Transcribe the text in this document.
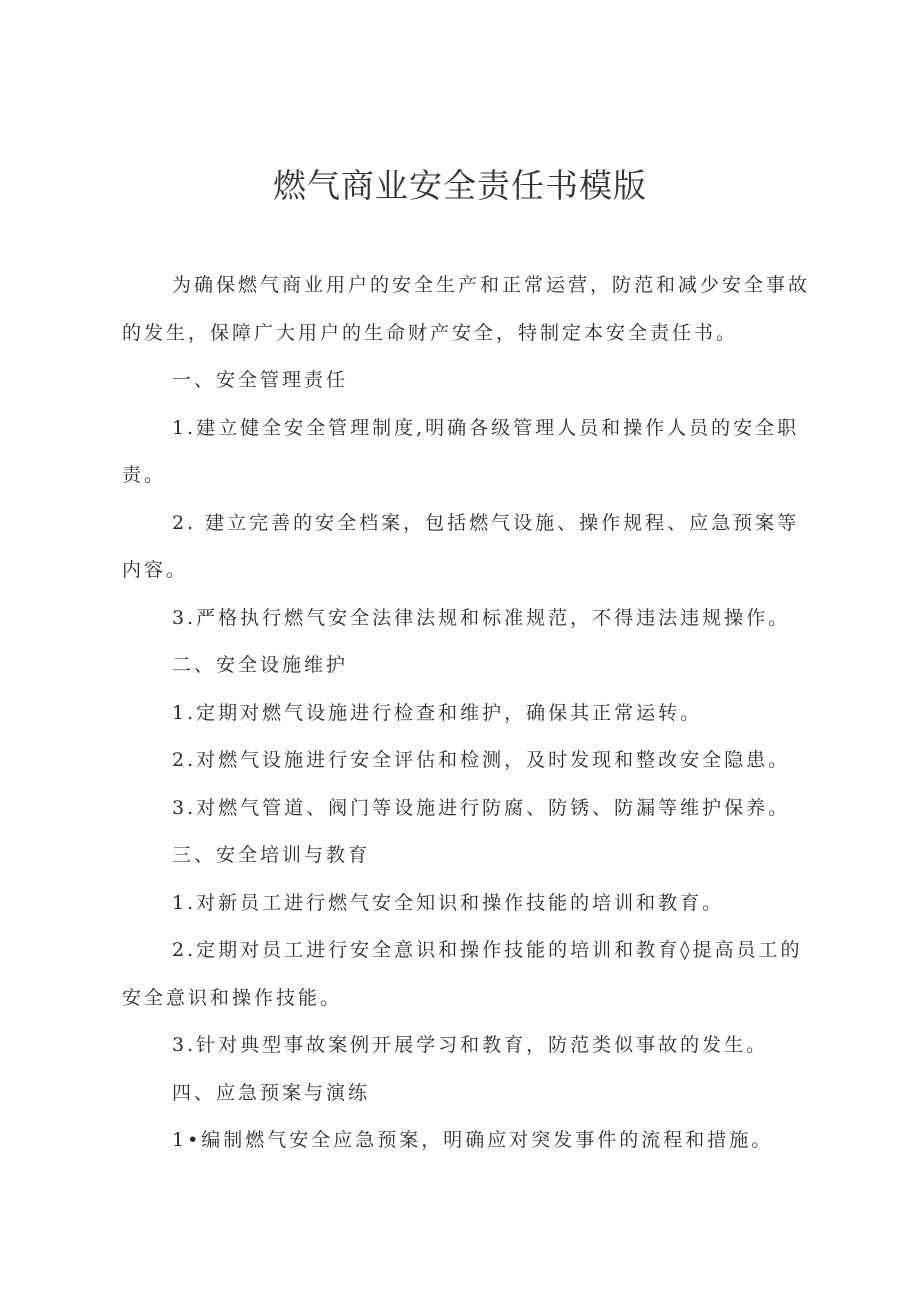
燃气商业安全责任书模版

为确保燃气商业用户的安全生产和正常运营，防范和减少安全事故的发生，保障广大用户的生命财产安全，特制定本安全责任书。

一、安全管理责任

1.建立健全安全管理制度,明确各级管理人员和操作人员的安全职责。

2. 建立完善的安全档案，包括燃气设施、操作规程、应急预案等内容。

3.严格执行燃气安全法律法规和标准规范，不得违法违规操作。

二、安全设施维护

1.定期对燃气设施进行检查和维护，确保其正常运转。

2.对燃气设施进行安全评估和检测，及时发现和整改安全隐患。

3.对燃气管道、阀门等设施进行防腐、防锈、防漏等维护保养。

三、安全培训与教育

1.对新员工进行燃气安全知识和操作技能的培训和教育。

2.定期对员工进行安全意识和操作技能的培训和教育◊提高员工的安全意识和操作技能。

3.针对典型事故案例开展学习和教育，防范类似事故的发生。

四、应急预案与演练

1•编制燃气安全应急预案，明确应对突发事件的流程和措施。
